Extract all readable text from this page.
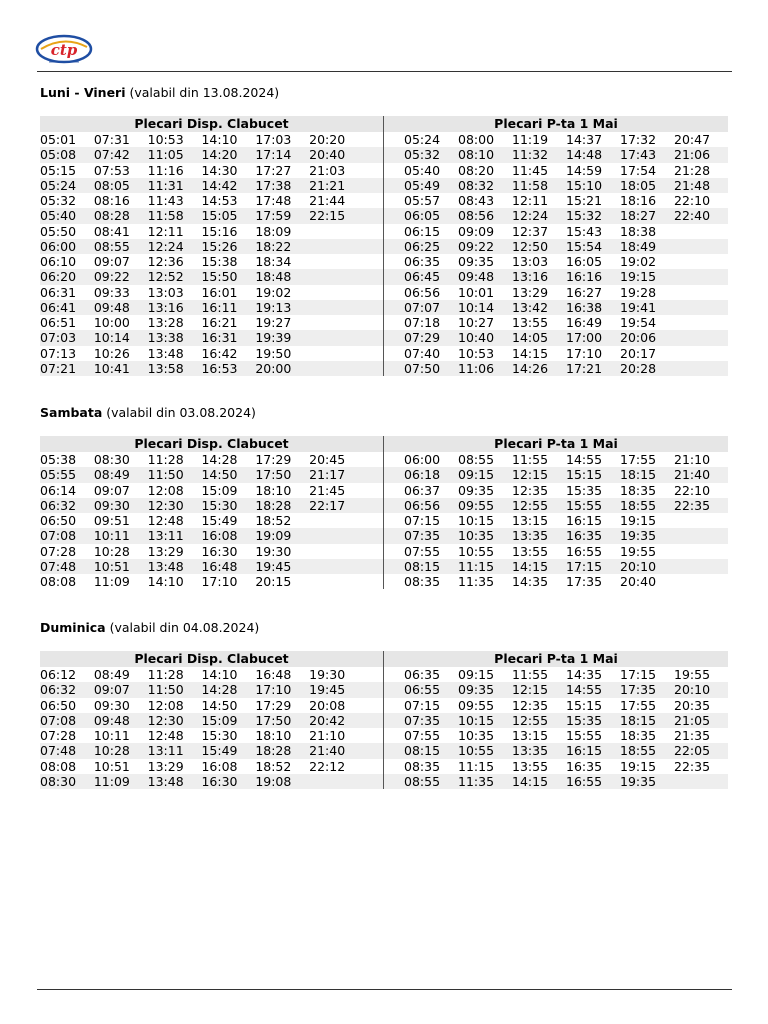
ctp
Luni - Vineri (valabil din 13.08.2024)
Plecari Disp. Clabucet
05:01	07:31	10:53	14:10	17:03	20:20
05:08	07:42	11:05	14:20	17:14	20:40
05:15	07:53	11:16	14:30	17:27	21:03
05:24	08:05	11:31	14:42	17:38	21:21
05:32	08:16	11:43	14:53	17:48	21:44
05:40	08:28	11:58	15:05	17:59	22:15
05:50	08:41	12:11	15:16	18:09
06:00	08:55	12:24	15:26	18:22
06:10	09:07	12:36	15:38	18:34
06:20	09:22	12:52	15:50	18:48
06:31	09:33	13:03	16:01	19:02
06:41	09:48	13:16	16:11	19:13
06:51	10:00	13:28	16:21	19:27
07:03	10:14	13:38	16:31	19:39
07:13	10:26	13:48	16:42	19:50
07:21	10:41	13:58	16:53	20:00
Plecari P-ta 1 Mai
05:24	08:00	11:19	14:37	17:32	20:47
05:32	08:10	11:32	14:48	17:43	21:06
05:40	08:20	11:45	14:59	17:54	21:28
05:49	08:32	11:58	15:10	18:05	21:48
05:57	08:43	12:11	15:21	18:16	22:10
06:05	08:56	12:24	15:32	18:27	22:40
06:15	09:09	12:37	15:43	18:38
06:25	09:22	12:50	15:54	18:49
06:35	09:35	13:03	16:05	19:02
06:45	09:48	13:16	16:16	19:15
06:56	10:01	13:29	16:27	19:28
07:07	10:14	13:42	16:38	19:41
07:18	10:27	13:55	16:49	19:54
07:29	10:40	14:05	17:00	20:06
07:40	10:53	14:15	17:10	20:17
07:50	11:06	14:26	17:21	20:28
Sambata (valabil din 03.08.2024)
Plecari Disp. Clabucet
05:38	08:30	11:28	14:28	17:29	20:45
05:55	08:49	11:50	14:50	17:50	21:17
06:14	09:07	12:08	15:09	18:10	21:45
06:32	09:30	12:30	15:30	18:28	22:17
06:50	09:51	12:48	15:49	18:52
07:08	10:11	13:11	16:08	19:09
07:28	10:28	13:29	16:30	19:30
07:48	10:51	13:48	16:48	19:45
08:08	11:09	14:10	17:10	20:15
Plecari P-ta 1 Mai
06:00	08:55	11:55	14:55	17:55	21:10
06:18	09:15	12:15	15:15	18:15	21:40
06:37	09:35	12:35	15:35	18:35	22:10
06:56	09:55	12:55	15:55	18:55	22:35
07:15	10:15	13:15	16:15	19:15
07:35	10:35	13:35	16:35	19:35
07:55	10:55	13:55	16:55	19:55
08:15	11:15	14:15	17:15	20:10
08:35	11:35	14:35	17:35	20:40
Duminica (valabil din 04.08.2024)
Plecari Disp. Clabucet
06:12	08:49	11:28	14:10	16:48	19:30
06:32	09:07	11:50	14:28	17:10	19:45
06:50	09:30	12:08	14:50	17:29	20:08
07:08	09:48	12:30	15:09	17:50	20:42
07:28	10:11	12:48	15:30	18:10	21:10
07:48	10:28	13:11	15:49	18:28	21:40
08:08	10:51	13:29	16:08	18:52	22:12
08:30	11:09	13:48	16:30	19:08
Plecari P-ta 1 Mai
06:35	09:15	11:55	14:35	17:15	19:55
06:55	09:35	12:15	14:55	17:35	20:10
07:15	09:55	12:35	15:15	17:55	20:35
07:35	10:15	12:55	15:35	18:15	21:05
07:55	10:35	13:15	15:55	18:35	21:35
08:15	10:55	13:35	16:15	18:55	22:05
08:35	11:15	13:55	16:35	19:15	22:35
08:55	11:35	14:15	16:55	19:35
